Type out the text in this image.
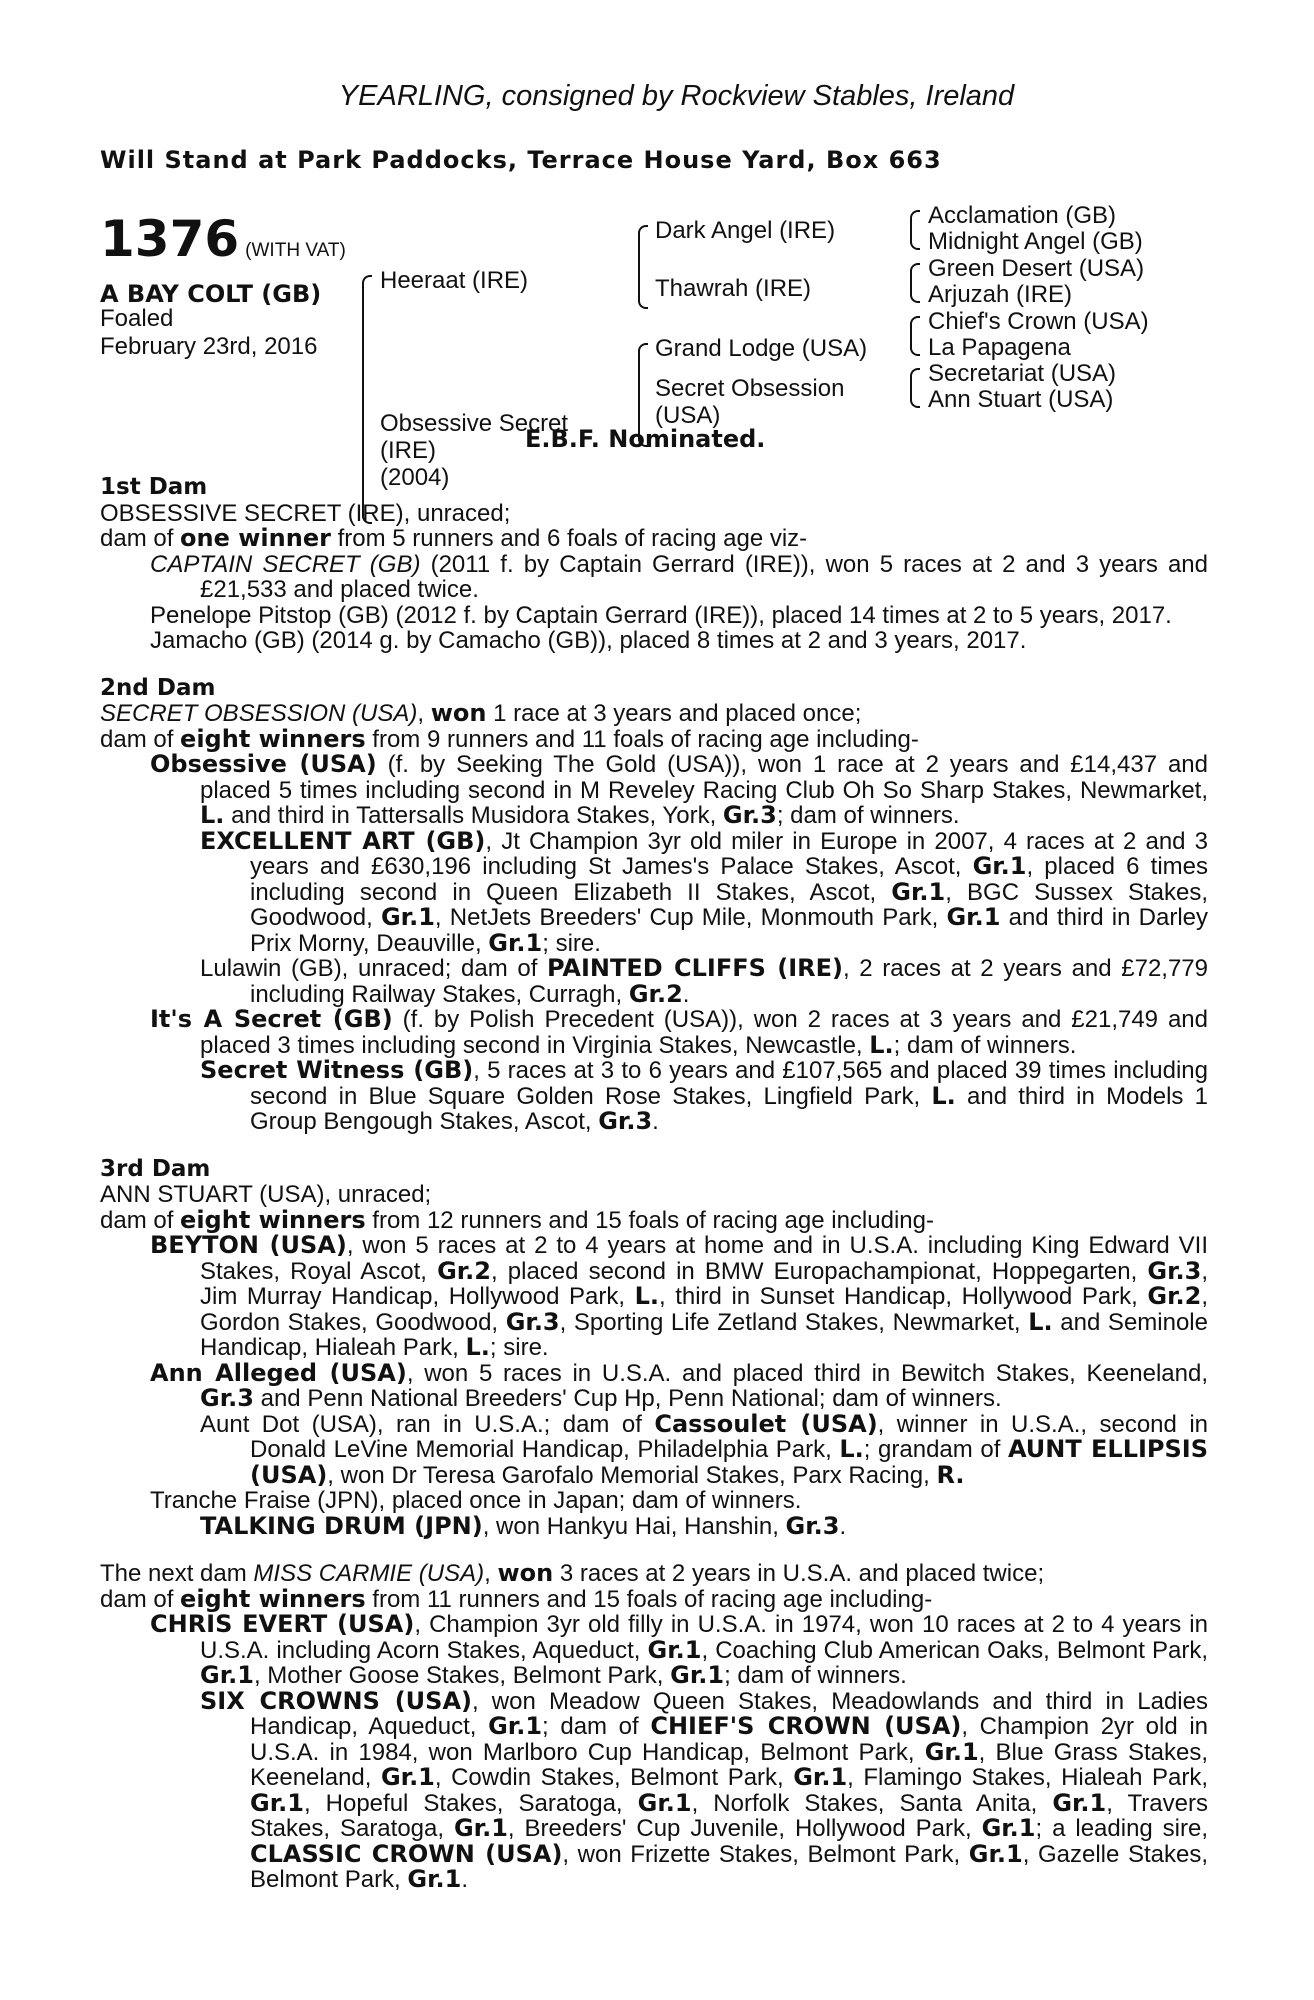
YEARLING, consigned by Rockview Stables, Ireland
Will Stand at Park Paddocks, Terrace House Yard, Box 663
1376 (WITH VAT)
A BAY COLT (GB)
Foaled
February 23rd, 2016
Heeraat (IRE)
Obsessive Secret
(IRE)
(2004)
Dark Angel (IRE)
Thawrah (IRE)
Grand Lodge (USA)
Secret Obsession
(USA)
Acclamation (GB)
Midnight Angel (GB)
Green Desert (USA)
Arjuzah (IRE)
Chief's Crown (USA)
La Papagena
Secretariat (USA)
Ann Stuart (USA)
E.B.F. Nominated.
1st Dam
OBSESSIVE SECRET (IRE), unraced;
dam of one winner from 5 runners and 6 foals of racing age viz-
CAPTAIN SECRET (GB) (2011 f. by Captain Gerrard (IRE)), won 5 races at 2 and 3 years and £21,533 and placed twice.
Penelope Pitstop (GB) (2012 f. by Captain Gerrard (IRE)), placed 14 times at 2 to 5 years, 2017.
Jamacho (GB) (2014 g. by Camacho (GB)), placed 8 times at 2 and 3 years, 2017.
2nd Dam
SECRET OBSESSION (USA), won 1 race at 3 years and placed once;
dam of eight winners from 9 runners and 11 foals of racing age including-
Obsessive (USA) (f. by Seeking The Gold (USA)), won 1 race at 2 years and £14,437 and placed 5 times including second in M Reveley Racing Club Oh So Sharp Stakes, Newmarket, L. and third in Tattersalls Musidora Stakes, York, Gr.3; dam of winners.
EXCELLENT ART (GB), Jt Champion 3yr old miler in Europe in 2007, 4 races at 2 and 3 years and £630,196 including St James's Palace Stakes, Ascot, Gr.1, placed 6 times including second in Queen Elizabeth II Stakes, Ascot, Gr.1, BGC Sussex Stakes, Goodwood, Gr.1, NetJets Breeders' Cup Mile, Monmouth Park, Gr.1 and third in Darley Prix Morny, Deauville, Gr.1; sire.
Lulawin (GB), unraced; dam of PAINTED CLIFFS (IRE), 2 races at 2 years and £72,779 including Railway Stakes, Curragh, Gr.2.
It's A Secret (GB) (f. by Polish Precedent (USA)), won 2 races at 3 years and £21,749 and placed 3 times including second in Virginia Stakes, Newcastle, L.; dam of winners.
Secret Witness (GB), 5 races at 3 to 6 years and £107,565 and placed 39 times including second in Blue Square Golden Rose Stakes, Lingfield Park, L. and third in Models 1 Group Bengough Stakes, Ascot, Gr.3.
3rd Dam
ANN STUART (USA), unraced;
dam of eight winners from 12 runners and 15 foals of racing age including-
BEYTON (USA), won 5 races at 2 to 4 years at home and in U.S.A. including King Edward VII Stakes, Royal Ascot, Gr.2, placed second in BMW Europachampionat, Hoppegarten, Gr.3, Jim Murray Handicap, Hollywood Park, L., third in Sunset Handicap, Hollywood Park, Gr.2, Gordon Stakes, Goodwood, Gr.3, Sporting Life Zetland Stakes, Newmarket, L. and Seminole Handicap, Hialeah Park, L.; sire.
Ann Alleged (USA), won 5 races in U.S.A. and placed third in Bewitch Stakes, Keeneland, Gr.3 and Penn National Breeders' Cup Hp, Penn National; dam of winners.
Aunt Dot (USA), ran in U.S.A.; dam of Cassoulet (USA), winner in U.S.A., second in Donald LeVine Memorial Handicap, Philadelphia Park, L.; grandam of AUNT ELLIPSIS (USA), won Dr Teresa Garofalo Memorial Stakes, Parx Racing, R.
Tranche Fraise (JPN), placed once in Japan; dam of winners.
TALKING DRUM (JPN), won Hankyu Hai, Hanshin, Gr.3.
The next dam MISS CARMIE (USA), won 3 races at 2 years in U.S.A. and placed twice;
dam of eight winners from 11 runners and 15 foals of racing age including-
CHRIS EVERT (USA), Champion 3yr old filly in U.S.A. in 1974, won 10 races at 2 to 4 years in U.S.A. including Acorn Stakes, Aqueduct, Gr.1, Coaching Club American Oaks, Belmont Park, Gr.1, Mother Goose Stakes, Belmont Park, Gr.1; dam of winners.
SIX CROWNS (USA), won Meadow Queen Stakes, Meadowlands and third in Ladies Handicap, Aqueduct, Gr.1; dam of CHIEF'S CROWN (USA), Champion 2yr old in U.S.A. in 1984, won Marlboro Cup Handicap, Belmont Park, Gr.1, Blue Grass Stakes, Keeneland, Gr.1, Cowdin Stakes, Belmont Park, Gr.1, Flamingo Stakes, Hialeah Park, Gr.1, Hopeful Stakes, Saratoga, Gr.1, Norfolk Stakes, Santa Anita, Gr.1, Travers Stakes, Saratoga, Gr.1, Breeders' Cup Juvenile, Hollywood Park, Gr.1; a leading sire, CLASSIC CROWN (USA), won Frizette Stakes, Belmont Park, Gr.1, Gazelle Stakes, Belmont Park, Gr.1.
